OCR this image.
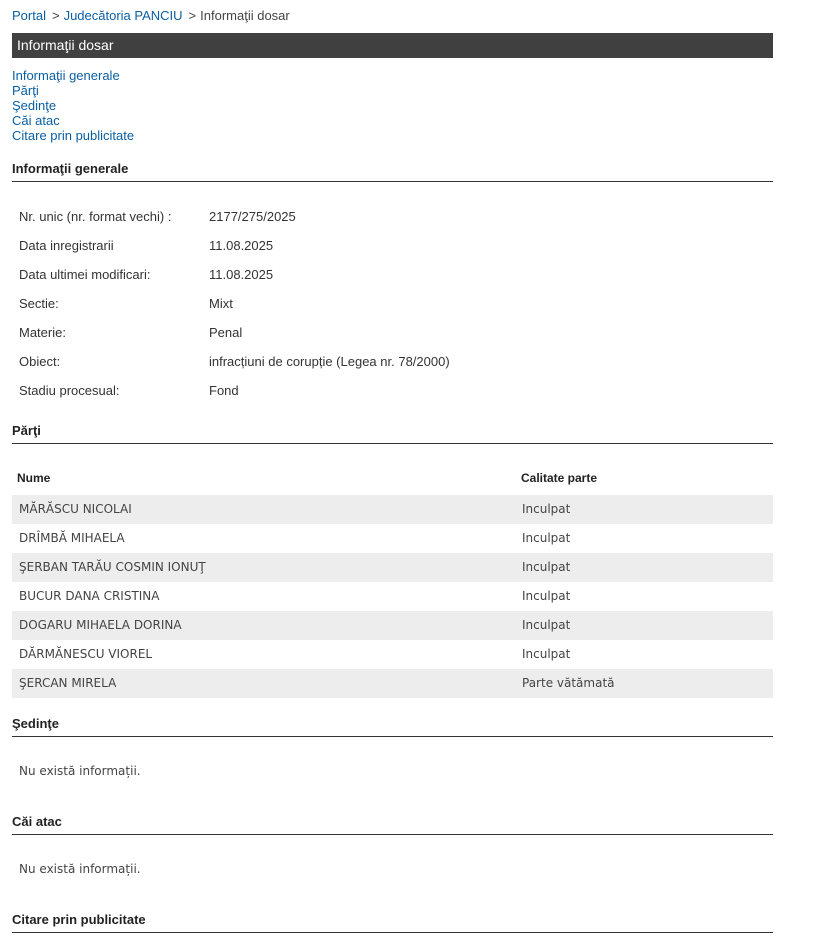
Portal > Judecătoria PANCIU > Informaţii dosar
Informaţii dosar
Informaţii generale
Părţi
Şedinţe
Căi atac
Citare prin publicitate
Informaţii generale
Nr. unic (nr. format vechi) :	2177/275/2025
Data inregistrarii	11.08.2025
Data ultimei modificari:	11.08.2025
Sectie:	Mixt
Materie:	Penal
Obiect:	infracțiuni de corupție (Legea nr. 78/2000)
Stadiu procesual:	Fond
Părţi
Nume	Calitate parte
MĂRĂSCU NICOLAI	Inculpat
DRÎMBĂ MIHAELA	Inculpat
ŞERBAN TARĂU COSMIN IONUŢ	Inculpat
BUCUR DANA CRISTINA	Inculpat
DOGARU MIHAELA DORINA	Inculpat
DĂRMĂNESCU VIOREL	Inculpat
ŞERCAN MIRELA	Parte vătămată
Şedinţe
Nu există informații.
Căi atac
Nu există informații.
Citare prin publicitate
